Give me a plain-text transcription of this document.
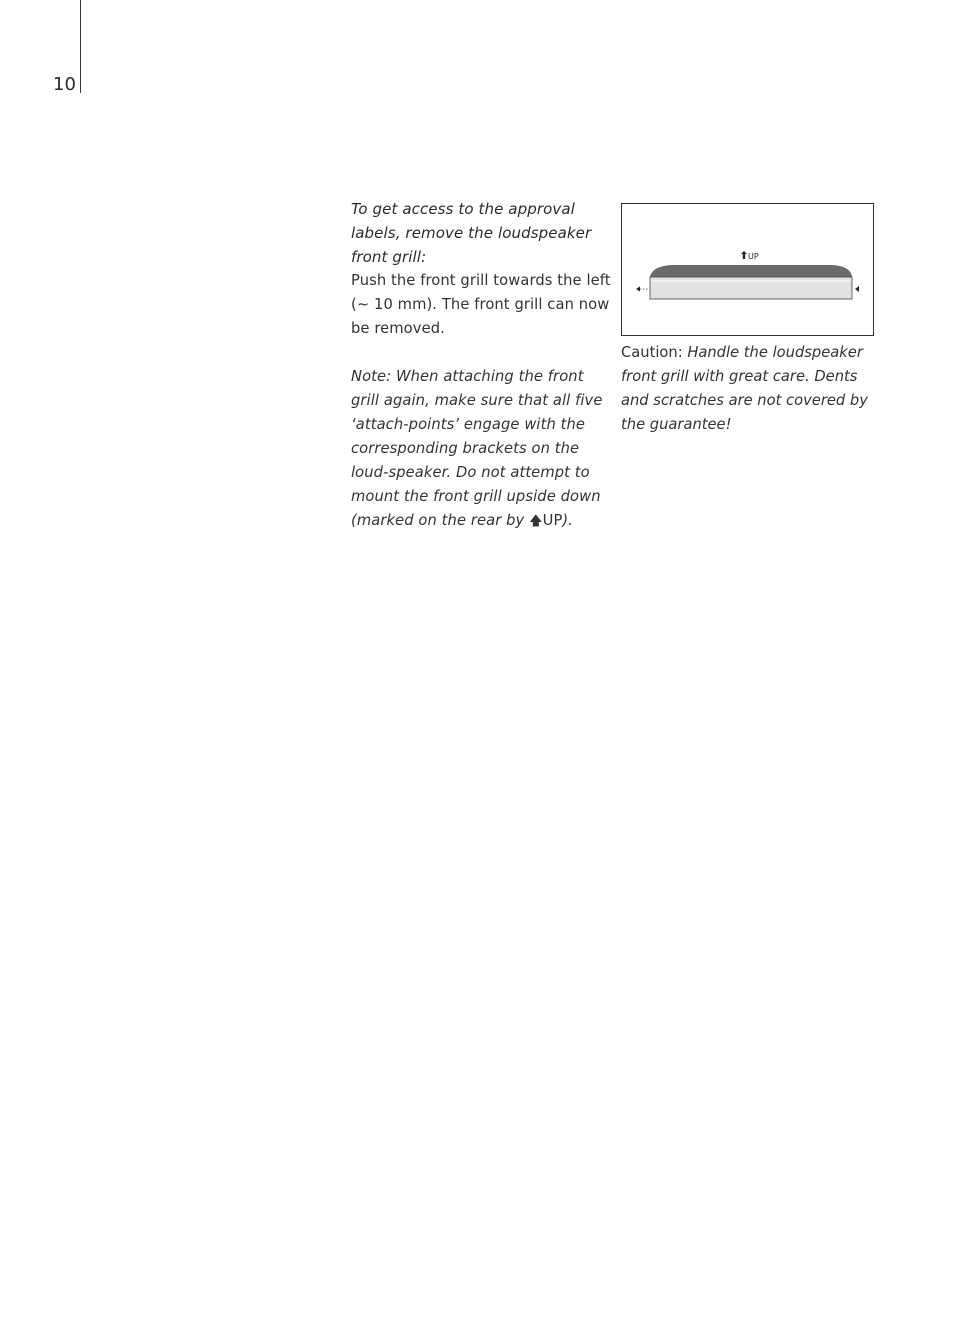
10

To get access to the approval labels, remove the loudspeaker front grill:

Push the front grill towards the left (~ 10 mm). The front grill can now be removed.

Note: When attaching the front grill again, make sure that all five ‘attach-points’ engage with the corresponding brackets on the loud-speaker. Do not attempt to mount the front grill upside down (marked on the rear by 🡅UP).

UP
Caution: Handle the loudspeaker front grill with great care. Dents and scratches are not covered by the guarantee!
